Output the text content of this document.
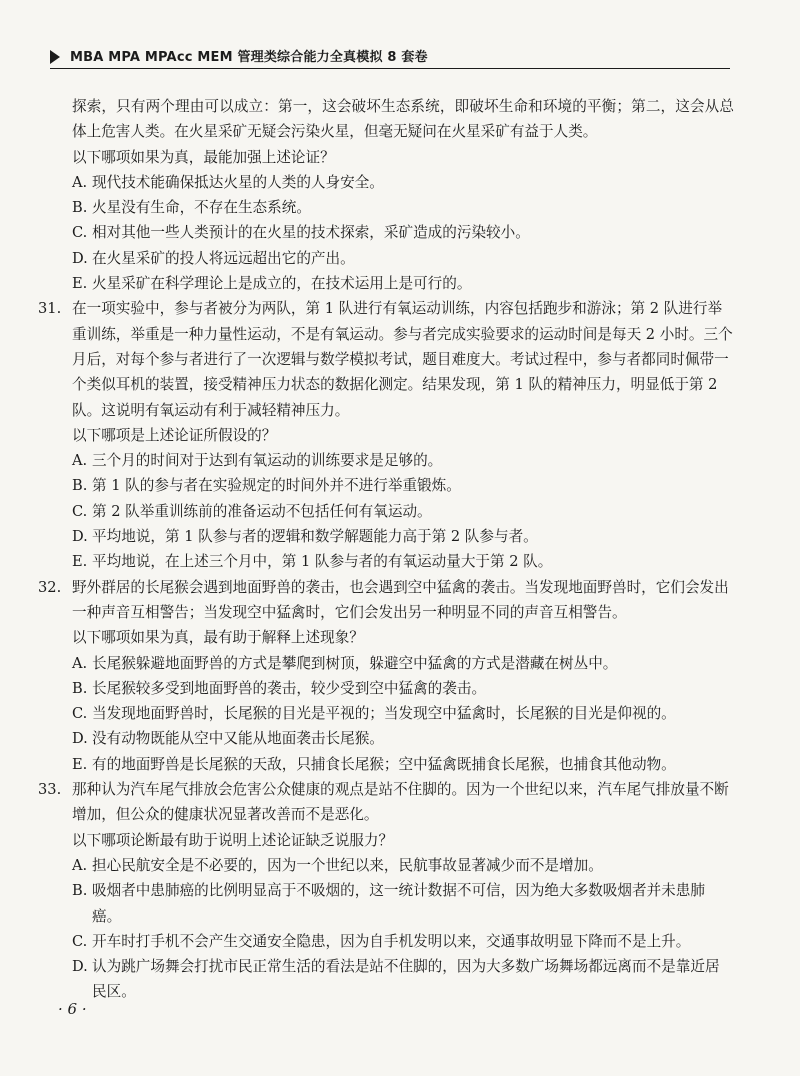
MBA MPA MPAcc MEM 管理类综合能力全真模拟 8 套卷

探索，只有两个理由可以成立：第一，这会破坏生态系统，即破坏生命和环境的平衡；第二，这会从总体上危害人类。在火星采矿无疑会污染火星，但毫无疑问在火星采矿有益于人类。

以下哪项如果为真，最能加强上述论证？

A. 现代技术能确保抵达火星的人类的人身安全。

B. 火星没有生命，不存在生态系统。

C. 相对其他一些人类预计的在火星的技术探索，采矿造成的污染较小。

D. 在火星采矿的投人将远远超出它的产出。

E. 火星采矿在科学理论上是成立的，在技术运用上是可行的。

31. 在一项实验中，参与者被分为两队，第 1 队进行有氧运动训练，内容包括跑步和游泳；第 2 队进行举重训练，举重是一种力量性运动，不是有氧运动。参与者完成实验要求的运动时间是每天 2 小时。三个月后，对每个参与者进行了一次逻辑与数学模拟考试，题目难度大。考试过程中，参与者都同时佩带一个类似耳机的装置，接受精神压力状态的数据化测定。结果发现，第 1 队的精神压力，明显低于第 2 队。这说明有氧运动有利于减轻精神压力。

以下哪项是上述论证所假设的？

A. 三个月的时间对于达到有氧运动的训练要求是足够的。

B. 第 1 队的参与者在实验规定的时间外并不进行举重锻炼。

C. 第 2 队举重训练前的准备运动不包括任何有氧运动。

D. 平均地说，第 1 队参与者的逻辑和数学解题能力高于第 2 队参与者。

E. 平均地说，在上述三个月中，第 1 队参与者的有氧运动量大于第 2 队。

32. 野外群居的长尾猴会遇到地面野兽的袭击，也会遇到空中猛禽的袭击。当发现地面野兽时，它们会发出一种声音互相警告；当发现空中猛禽时，它们会发出另一种明显不同的声音互相警告。

以下哪项如果为真，最有助于解释上述现象？

A. 长尾猴躲避地面野兽的方式是攀爬到树顶，躲避空中猛禽的方式是潜藏在树丛中。

B. 长尾猴较多受到地面野兽的袭击，较少受到空中猛禽的袭击。

C. 当发现地面野兽时，长尾猴的目光是平视的；当发现空中猛禽时，长尾猴的目光是仰视的。

D. 没有动物既能从空中又能从地面袭击长尾猴。

E. 有的地面野兽是长尾猴的天敌，只捕食长尾猴；空中猛禽既捕食长尾猴，也捕食其他动物。

33. 那种认为汽车尾气排放会危害公众健康的观点是站不住脚的。因为一个世纪以来，汽车尾气排放量不断增加，但公众的健康状况显著改善而不是恶化。

以下哪项论断最有助于说明上述论证缺乏说服力？

A. 担心民航安全是不必要的，因为一个世纪以来，民航事故显著减少而不是增加。

B. 吸烟者中患肺癌的比例明显高于不吸烟的，这一统计数据不可信，因为绝大多数吸烟者并未患肺癌。

C. 开车时打手机不会产生交通安全隐患，因为自手机发明以来，交通事故明显下降而不是上升。

D. 认为跳广场舞会打扰市民正常生活的看法是站不住脚的，因为大多数广场舞场都远离而不是靠近居民区。

· 6 ·
